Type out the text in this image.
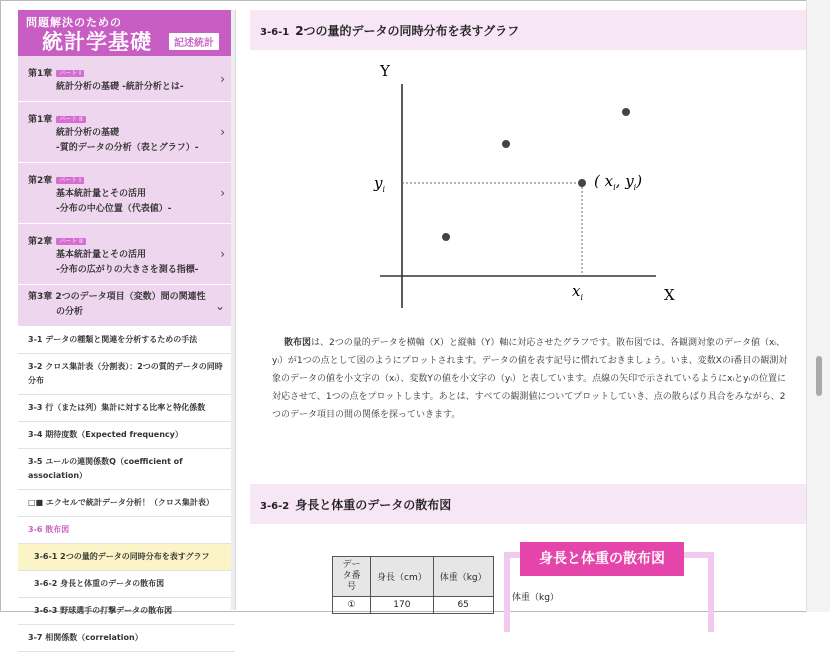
問題解決のための
統計学基礎	記述統計
第1章 パート I
統計分析の基礎 -統計分析とは-
›
第1章 パート II
統計分析の基礎
-質的データの分析（表とグラフ）-
›
第2章 パート I
基本統計量とその活用
-分布の中心位置（代表値）-
›
第2章 パート II
基本統計量とその活用
-分布の広がりの大きさを測る指標-
›
第3章 2つのデータ項目（変数）間の関連性
の分析	⌄
3-1 データの種類と関連を分析するための手法
3-2 クロス集計表（分割表）：2つの質的データの同時分布
3-3 行（または列）集計に対する比率と特化係数
3-4 期待度数（Expected frequency）
3-5 ユールの連関係数Q（coefficient of association）
□■ エクセルで統計データ分析！（クロス集計表）
3-6 散布図
3-6-1 2つの量的データの同時分布を表すグラフ
3-6-2 身長と体重のデータの散布図
3-6-3 野球選手の打撃データの散布図
3-7 相関係数（correlation）
3-6-1 2つの量的データの同時分布を表すグラフ
Y
X
$y_i$
$x_i$
( $x_i$, $y_i$)

散布図は、2つの量的データを横軸（X）と縦軸（Y）軸に対応させたグラフです。散布図では、各観測対象のデータ値（xᵢ、yᵢ）が1つの点として図のようにプロットされます。データの値を表す記号に慣れておきましょう。いま、変数Xのi番目の観測対象のデータの値を小文字の（xᵢ）、変数Yの値を小文字の（yᵢ）と表しています。点線の矢印で示されているようにxᵢとyᵢの位置に対応させて、1つの点をプロットします。あとは、すべての観測値についてプロットしていき、点の散らばり具合をみながら、2つのデータ項目の間の関係を探っていきます。

3-6-2 身長と体重のデータの散布図
データ番号	身長（cm）	体重（kg）
①	170	65
身長と体重の散布図
体重（kg）
